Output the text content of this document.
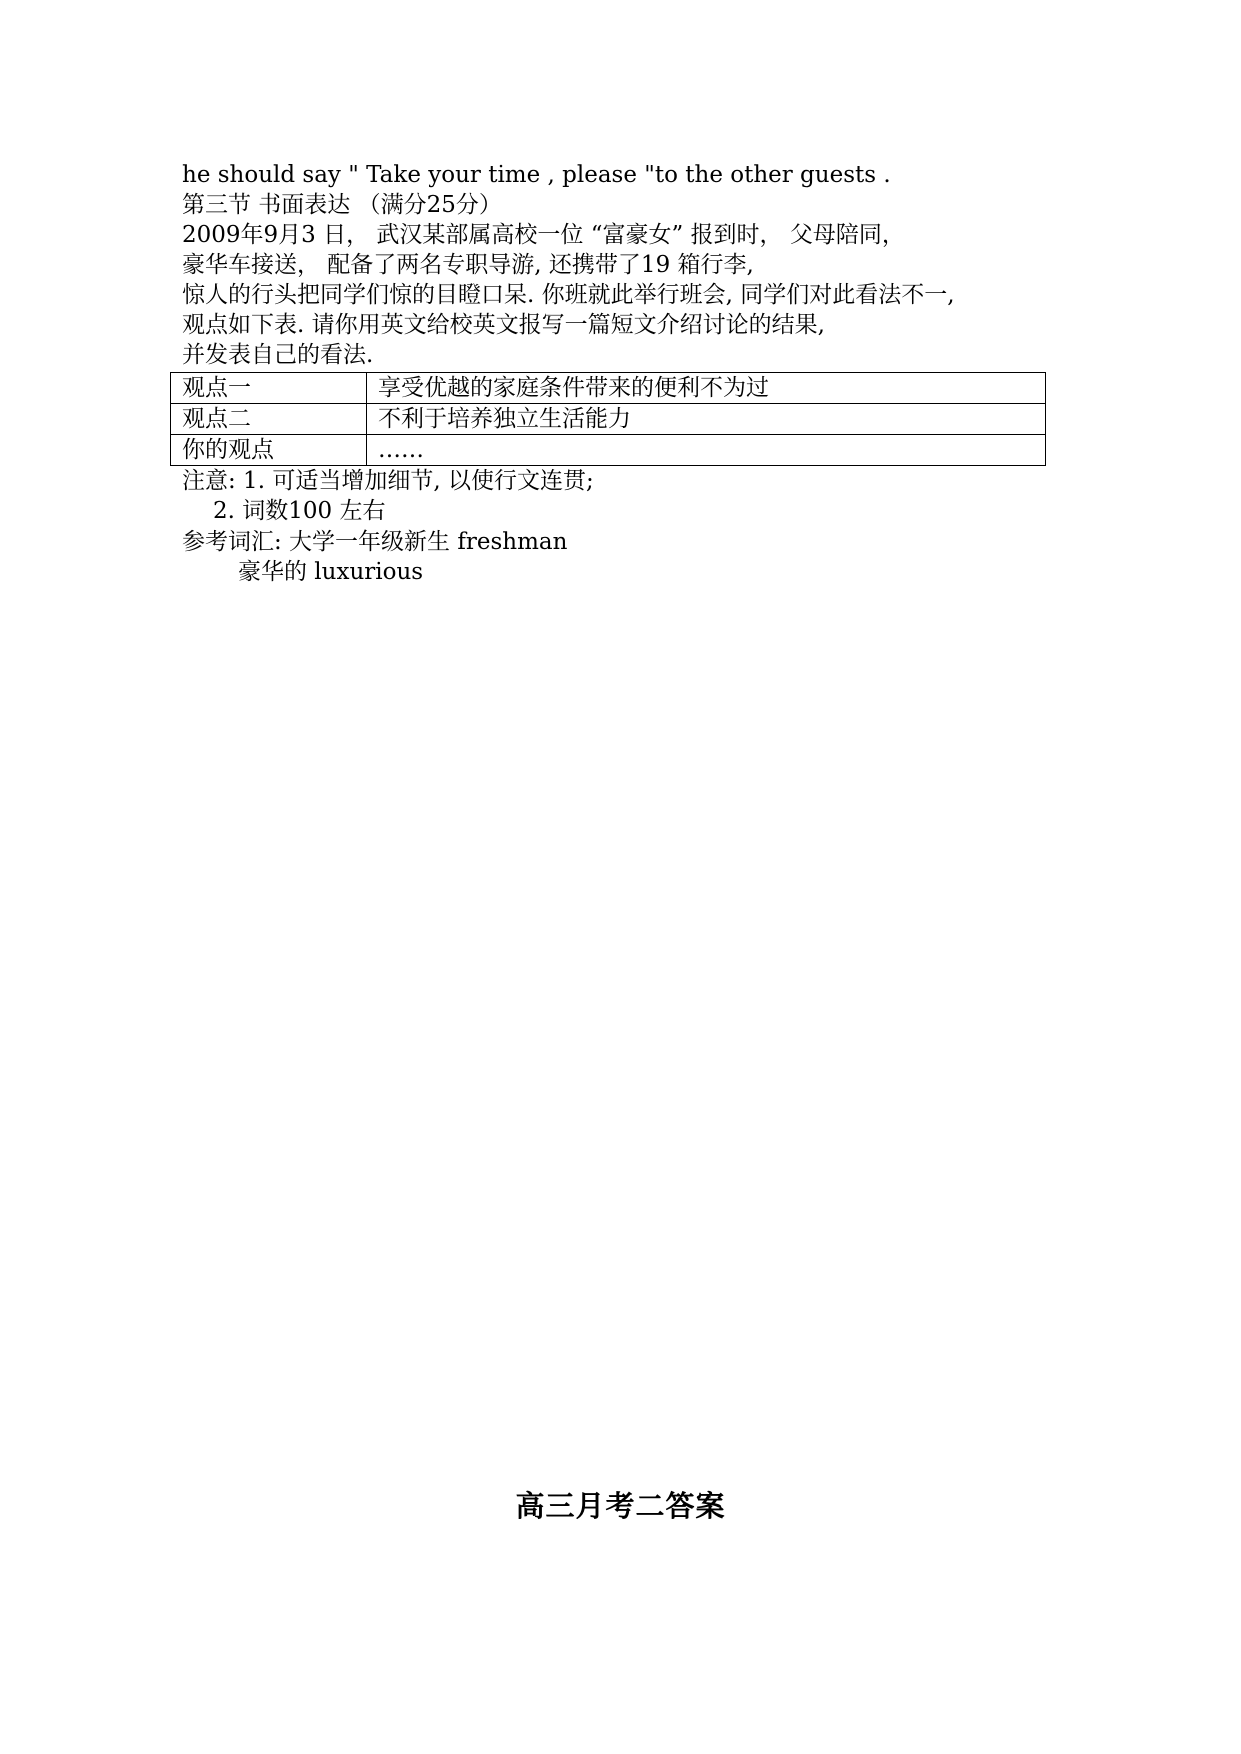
he should say " Take your time , please "to the other guests .
第三节 书面表达 （满分25分）
2009年9月3 日， 武汉某部属高校一位 “富豪女” 报到时， 父母陪同，
豪华车接送， 配备了两名专职导游, 还携带了19 箱行李,
惊人的行头把同学们惊的目瞪口呆. 你班就此举行班会, 同学们对此看法不一,
观点如下表. 请你用英文给校英文报写一篇短文介绍讨论的结果,
并发表自己的看法.
观点一	享受优越的家庭条件带来的便利不为过
观点二	不利于培养独立生活能力
你的观点	……
注意: 1. 可适当增加细节, 以使行文连贯;
2. 词数100 左右
参考词汇: 大学一年级新生 freshman
豪华的 luxurious
高三月考二答案
